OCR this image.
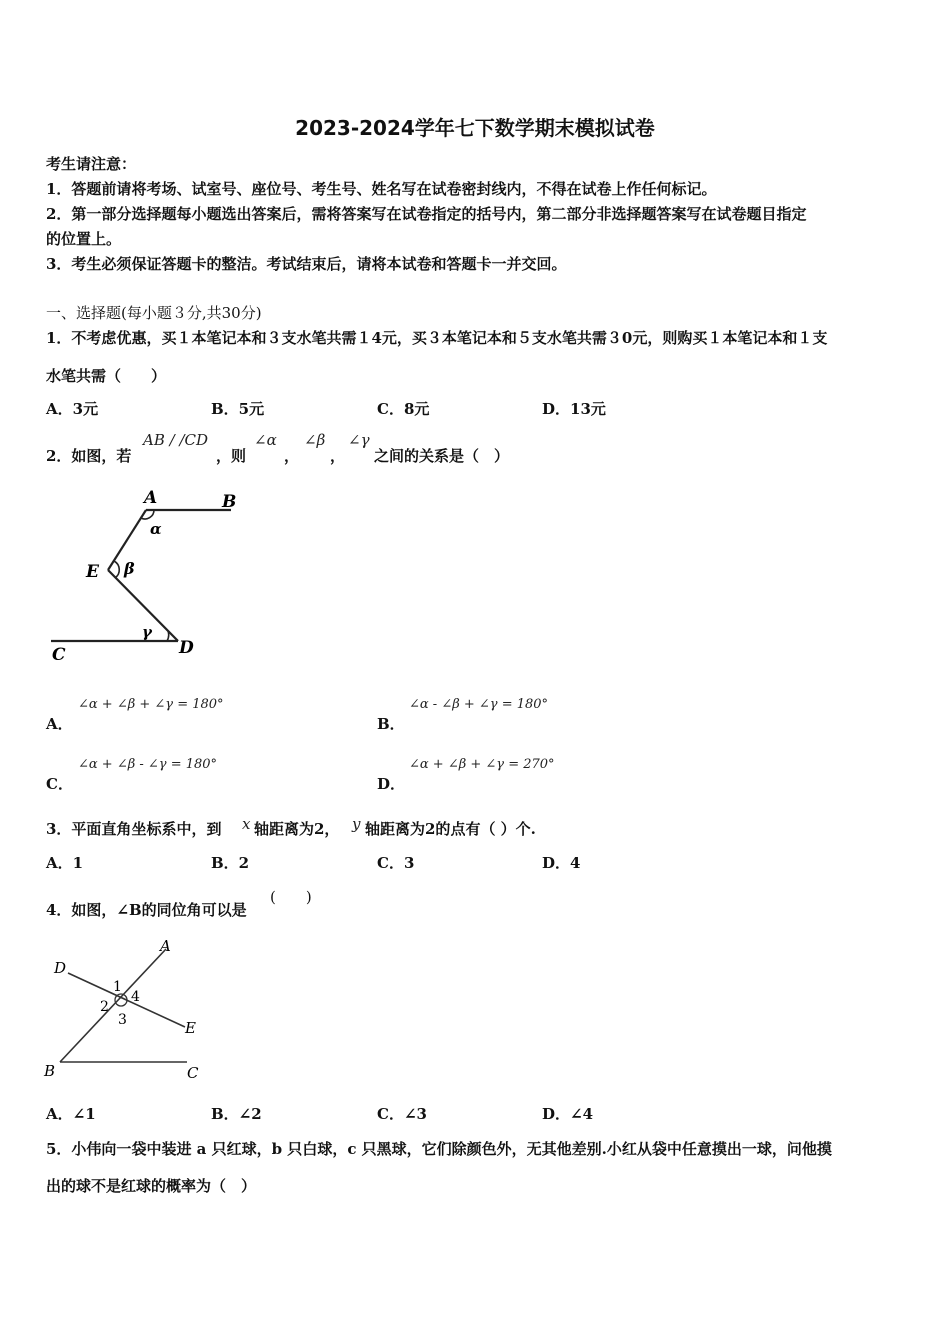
2023-2024学年七下数学期末模拟试卷
考生请注意：
1．答题前请将考场、试室号、座位号、考生号、姓名写在试卷密封线内，不得在试卷上作任何标记。
2．第一部分选择题每小题选出答案后，需将答案写在试卷指定的括号内，第二部分非选择题答案写在试卷题目指定
的位置上。
3．考生必须保证答题卡的整洁。考试结束后，请将本试卷和答题卡一并交回。
一、选择题(每小题３分,共30分)
1．不考虑优惠，买１本笔记本和３支水笔共需１4元，买３本笔记本和５支水笔共需３0元，则购买１本笔记本和１支
水笔共需（　　）
A．3元	B．5元	C．8元	D．13元
2．如图，若
AB / /CD
，则
∠α
，
∠β
，
∠γ
之间的关系是（　）
A	B
E
C	D
α
β
γ
A．
∠α + ∠β + ∠γ = 180°
B．
∠α - ∠β + ∠γ = 180°
C．
∠α + ∠β - ∠γ = 180°
D．
∠α + ∠β + ∠γ = 270°
3．平面直角坐标系中，到 x 轴距离为2， y 轴距离为2的点有（ ）个.
A．1	B．2	C．3	D．4
4．如图，∠B的同位角可以是
(　　)
A
D
E
B	C
1
2
3
4
A．∠1	B．∠2	C．∠3	D．∠4
5．小伟向一袋中装进 a 只红球，b 只白球，c 只黑球，它们除颜色外，无其他差别.小红从袋中任意摸出一球，问他摸
出的球不是红球的概率为（　）
